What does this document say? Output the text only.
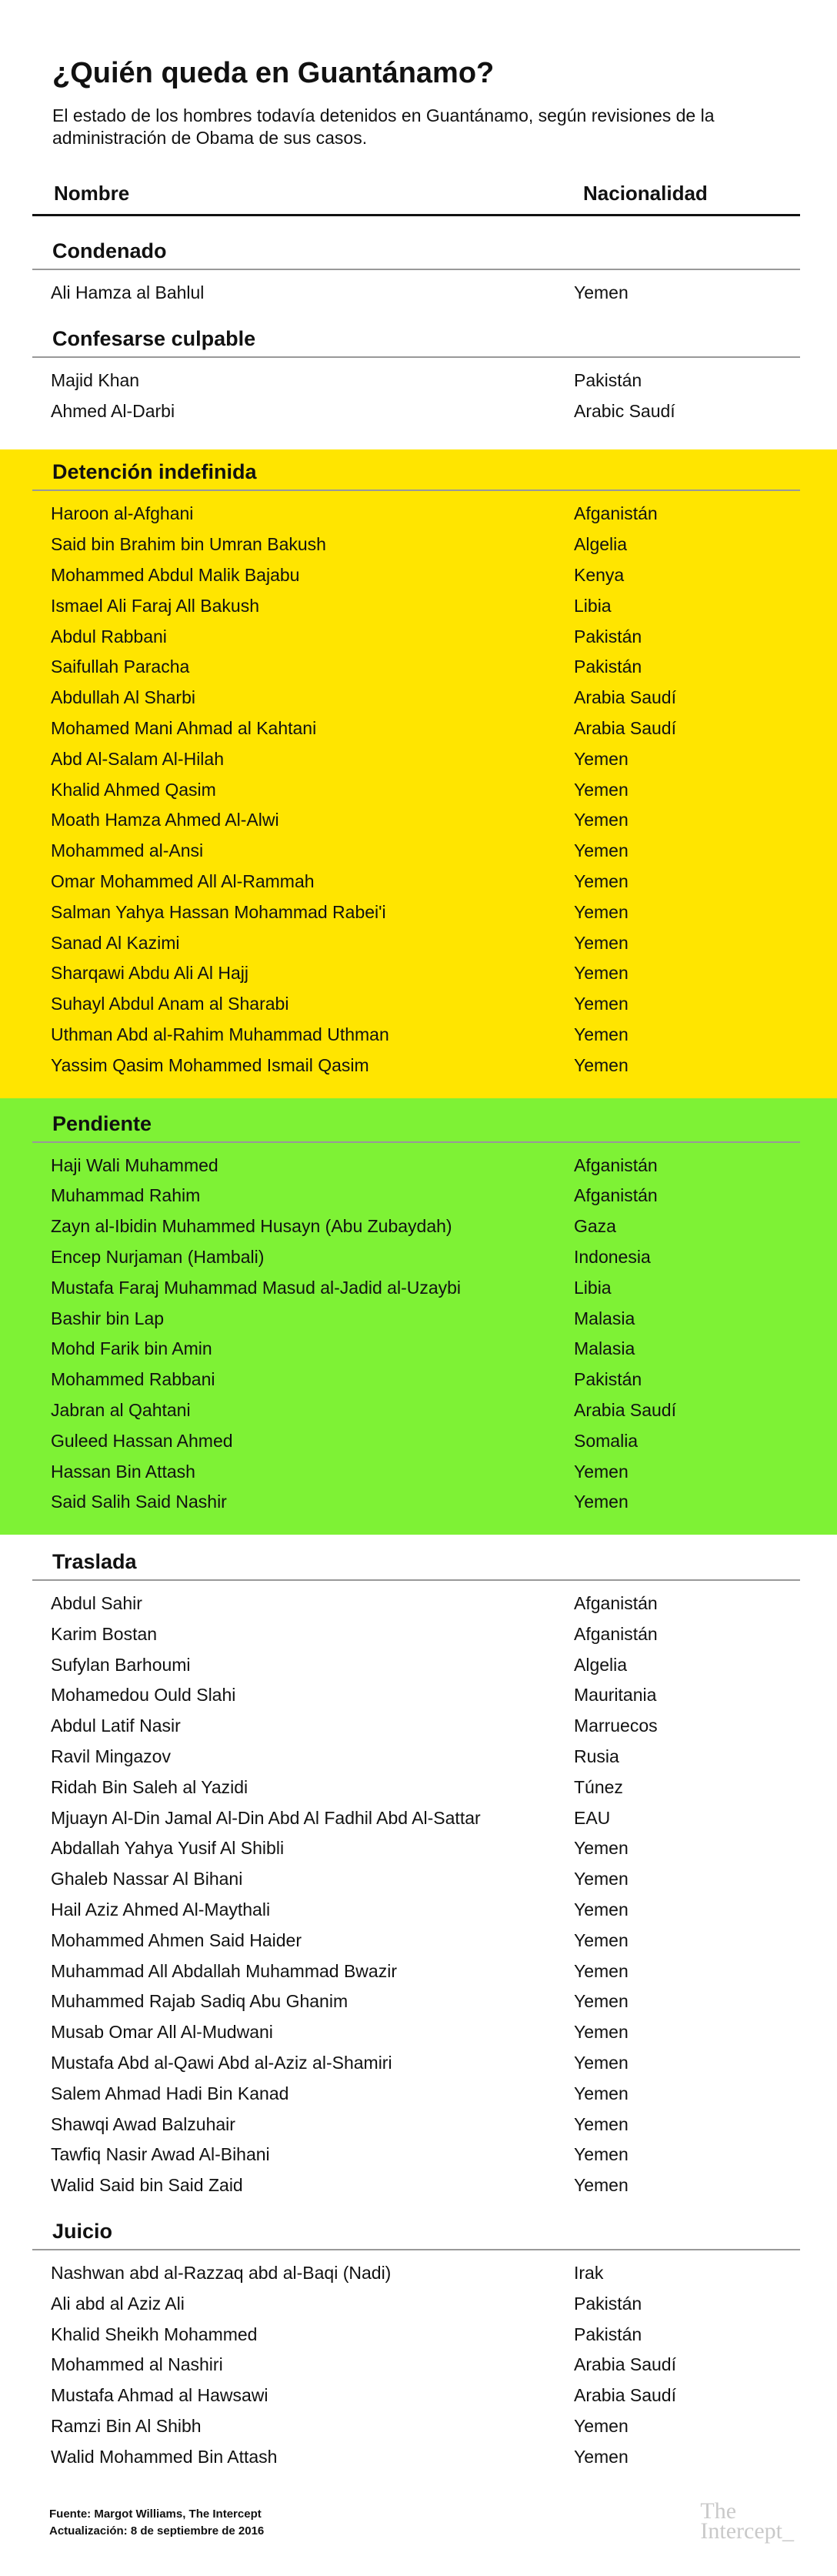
¿Quién queda en Guantánamo?
El estado de los hombres todavía detenidos en Guantánamo, según revisiones de la administración de Obama de sus casos.
Nombre	Nacionalidad
Condenado
Ali Hamza al Bahlul	Yemen
Confesarse culpable
Majid Khan	Pakistán
Ahmed Al-Darbi	Arabic Saudí
Detención indefinida
Haroon al-Afghani	Afganistán
Said bin Brahim bin Umran Bakush	Algelia
Mohammed Abdul Malik Bajabu	Kenya
Ismael Ali Faraj All Bakush	Libia
Abdul Rabbani	Pakistán
Saifullah Paracha	Pakistán
Abdullah Al Sharbi	Arabia Saudí
Mohamed Mani Ahmad al Kahtani	Arabia Saudí
Abd Al-Salam Al-Hilah	Yemen
Khalid Ahmed Qasim	Yemen
Moath Hamza Ahmed Al-Alwi	Yemen
Mohammed al-Ansi	Yemen
Omar Mohammed All Al-Rammah	Yemen
Salman Yahya Hassan Mohammad Rabei'i	Yemen
Sanad Al Kazimi	Yemen
Sharqawi Abdu Ali Al Hajj	Yemen
Suhayl Abdul Anam al Sharabi	Yemen
Uthman Abd al-Rahim Muhammad Uthman	Yemen
Yassim Qasim Mohammed Ismail Qasim	Yemen
Pendiente
Haji Wali Muhammed	Afganistán
Muhammad Rahim	Afganistán
Zayn al-Ibidin Muhammed Husayn (Abu Zubaydah)	Gaza
Encep Nurjaman (Hambali)	Indonesia
Mustafa Faraj Muhammad Masud al-Jadid al-Uzaybi	Libia
Bashir bin Lap	Malasia
Mohd Farik bin Amin	Malasia
Mohammed Rabbani	Pakistán
Jabran al Qahtani	Arabia Saudí
Guleed Hassan Ahmed	Somalia
Hassan Bin Attash	Yemen
Said Salih Said Nashir	Yemen
Traslada
Abdul Sahir	Afganistán
Karim Bostan	Afganistán
Sufylan Barhoumi	Algelia
Mohamedou Ould Slahi	Mauritania
Abdul Latif Nasir	Marruecos
Ravil Mingazov	Rusia
Ridah Bin Saleh al Yazidi	Túnez
Mjuayn Al-Din Jamal Al-Din Abd Al Fadhil Abd Al-Sattar	EAU
Abdallah Yahya Yusif Al Shibli	Yemen
Ghaleb Nassar Al Bihani	Yemen
Hail Aziz Ahmed Al-Maythali	Yemen
Mohammed Ahmen Said Haider	Yemen
Muhammad All Abdallah Muhammad Bwazir	Yemen
Muhammed Rajab Sadiq Abu Ghanim	Yemen
Musab Omar All Al-Mudwani	Yemen
Mustafa Abd al-Qawi Abd al-Aziz al-Shamiri	Yemen
Salem Ahmad Hadi Bin Kanad	Yemen
Shawqi Awad Balzuhair	Yemen
Tawfiq Nasir Awad Al-Bihani	Yemen
Walid Said bin Said Zaid	Yemen
Juicio
Nashwan abd al-Razzaq abd al-Baqi (Nadi)	Irak
Ali abd al Aziz Ali	Pakistán
Khalid Sheikh Mohammed	Pakistán
Mohammed al Nashiri	Arabia Saudí
Mustafa Ahmad al Hawsawi	Arabia Saudí
Ramzi Bin Al Shibh	Yemen
Walid Mohammed Bin Attash	Yemen
Fuente: Margot Williams, The Intercept
Actualización: 8 de septiembre de 2016
The
Intercept_
